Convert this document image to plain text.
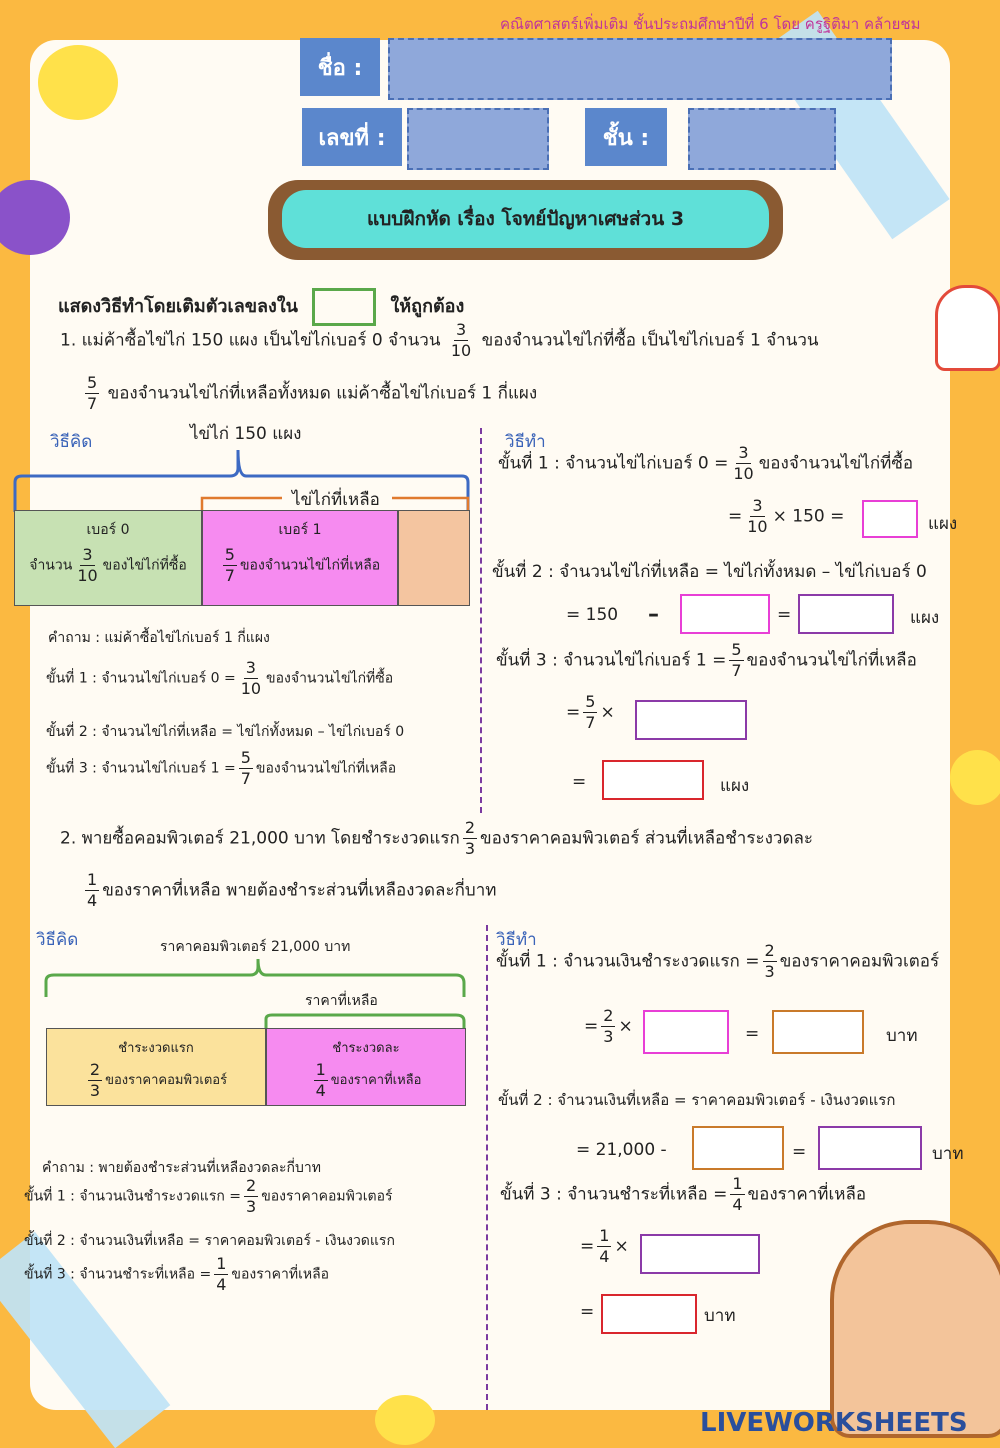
คณิตศาสตร์เพิ่มเติม ชั้นประถมศึกษาปีที่ 6 โดย ครูฐิติมา คล้ายชม
ชื่อ :
เลขที่ :	ชั้น :
แบบฝึกหัด เรื่อง โจทย์ปัญหาเศษส่วน 3
แสดงวิธีทำโดยเติมตัวเลขลงใน	ให้ถูกต้อง
1. แม่ค้าซื้อไข่ไก่ 150 แผง เป็นไข่ไก่เบอร์ 0 จำนวน $\frac{3}{10}$ ของจำนวนไข่ไก่ที่ซื้อ เป็นไข่ไก่เบอร์ 1 จำนวน
$\frac{5}{7}$ ของจำนวนไข่ไก่ที่เหลือทั้งหมด แม่ค้าซื้อไข่ไก่เบอร์ 1 กี่แผง
วิธีคิด	ไข่ไก่ 150 แผง
ไข่ไก่ที่เหลือ
เบอร์ 0
จำนวน $\frac{3}{10}$ ของไข่ไก่ที่ซื้อ
เบอร์ 1
$\frac{5}{7}$ ของจำนวนไข่ไก่ที่เหลือ
คำถาม : แม่ค้าซื้อไข่ไก่เบอร์ 1 กี่แผง
ขั้นที่ 1 : จำนวนไข่ไก่เบอร์ $0 = \frac{3}{10}$ ของจำนวนไข่ไก่ที่ซื้อ
ขั้นที่ 2 : จำนวนไข่ไก่ที่เหลือ = ไข่ไก่ทั้งหมด – ไข่ไก่เบอร์ 0
ขั้นที่ 3 : จำนวนไข่ไก่เบอร์ $1 = \frac{5}{7}$ ของจำนวนไข่ไก่ที่เหลือ
วิธีทำ
ขั้นที่ 1 : จำนวนไข่ไก่เบอร์ $0 = \frac{3}{10}$ ของจำนวนไข่ไก่ที่ซื้อ
= $\frac{3}{10} \times 150$ =	แผง
ขั้นที่ 2 : จำนวนไข่ไก่ที่เหลือ = ไข่ไก่ทั้งหมด – ไข่ไก่เบอร์ 0
= 150 –	=	แผง
ขั้นที่ 3 : จำนวนไข่ไก่เบอร์ $1 = \frac{5}{7}$ ของจำนวนไข่ไก่ที่เหลือ
= $\frac{5}{7}$ ×
=	แผง
2. พายซื้อคอมพิวเตอร์ 21,000 บาท โดยชำระงวดแรก $\frac{2}{3}$ ของราคาคอมพิวเตอร์ ส่วนที่เหลือชำระงวดละ
$\frac{1}{4}$ ของราคาที่เหลือ พายต้องชำระส่วนที่เหลืองวดละกี่บาท
วิธีคิด	ราคาคอมพิวเตอร์ 21,000 บาท
ราคาที่เหลือ
ชำระงวดแรก
$\frac{2}{3}$ ของราคาคอมพิวเตอร์
ชำระงวดละ
$\frac{1}{4}$ ของราคาที่เหลือ
คำถาม : พายต้องชำระส่วนที่เหลืองวดละกี่บาท
ขั้นที่ 1 : จำนวนเงินชำระงวดแรก = $\frac{2}{3}$ ของราคาคอมพิวเตอร์
ขั้นที่ 2 : จำนวนเงินที่เหลือ = ราคาคอมพิวเตอร์ - เงินงวดแรก
ขั้นที่ 3 : จำนวนชำระที่เหลือ = $\frac{1}{4}$ ของราคาที่เหลือ
วิธีทำ
ขั้นที่ 1 : จำนวนเงินชำระงวดแรก = $\frac{2}{3}$ ของราคาคอมพิวเตอร์
= $\frac{2}{3}$ ×	=	บาท
ขั้นที่ 2 : จำนวนเงินที่เหลือ = ราคาคอมพิวเตอร์ - เงินงวดแรก
= 21,000 -	=	บาท
ขั้นที่ 3 : จำนวนชำระที่เหลือ = $\frac{1}{4}$ ของราคาที่เหลือ
= $\frac{1}{4}$ ×
=	บาท
LIVEWORKSHEETS
